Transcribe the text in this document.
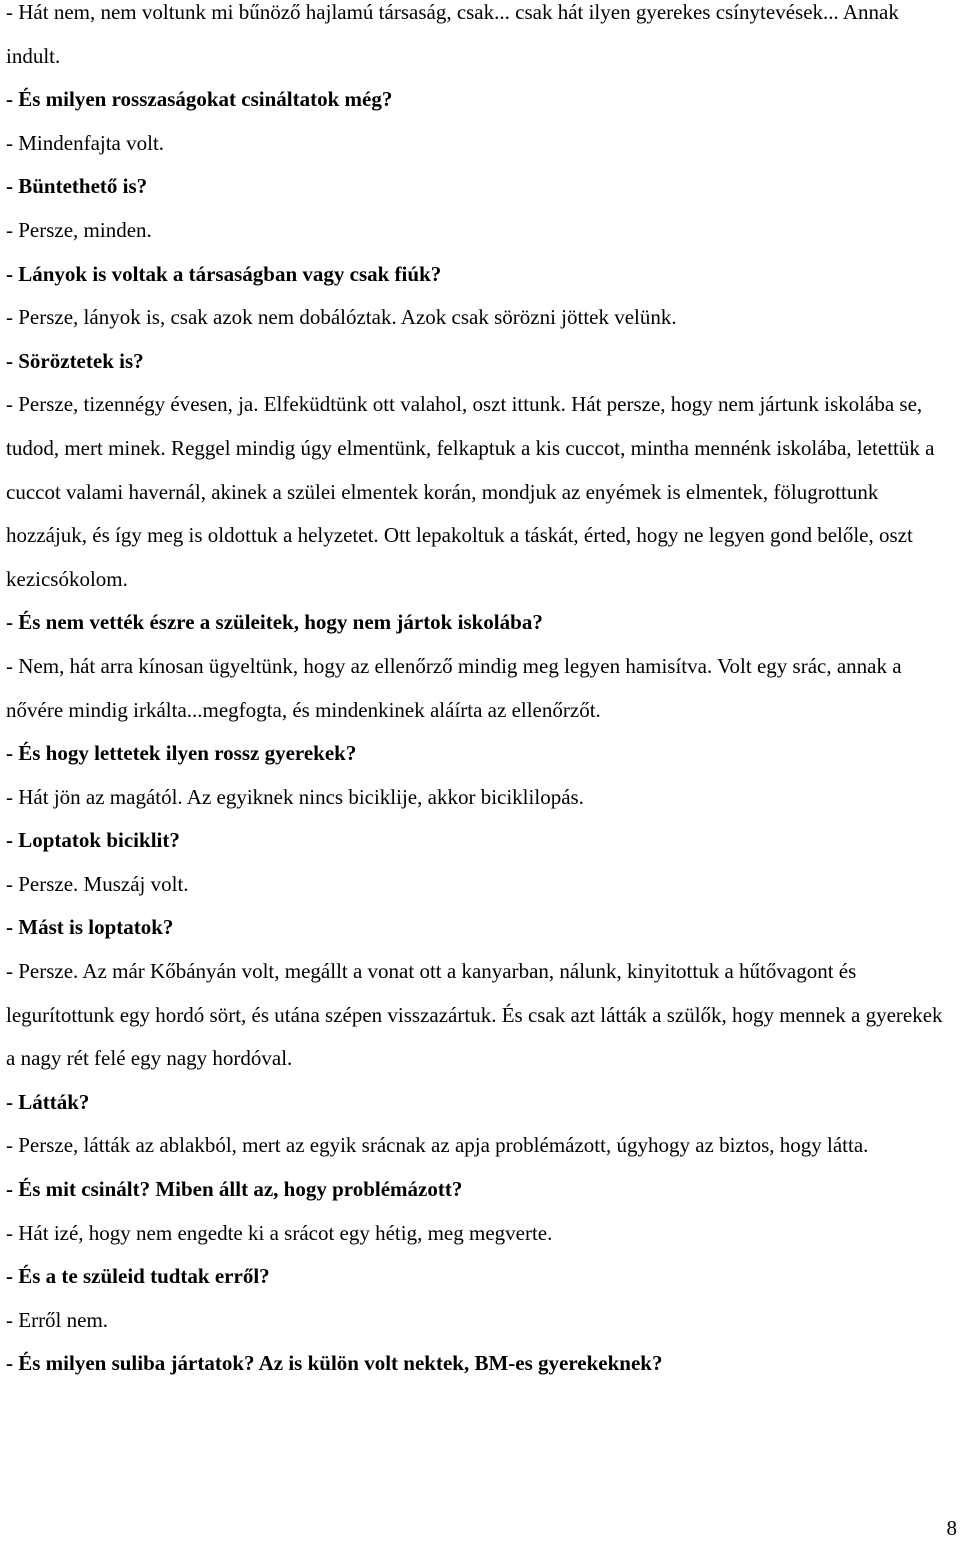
- Hát nem, nem voltunk mi bűnöző hajlamú társaság, csak... csak hát ilyen gyerekes csínytevések... Annak indult.

- És milyen rosszaságokat csináltatok még?

- Mindenfajta volt.

- Büntethető is?

- Persze, minden.

- Lányok is voltak a társaságban vagy csak fiúk?

- Persze, lányok is, csak azok nem dobálóztak. Azok csak sörözni jöttek velünk.

- Söröztetek is?

- Persze, tizennégy évesen, ja. Elfeküdtünk ott valahol, oszt ittunk. Hát persze, hogy nem jártunk iskolába se, tudod, mert minek. Reggel mindig úgy elmentünk, felkaptuk a kis cuccot, mintha mennénk iskolába, letettük a cuccot valami havernál, akinek a szülei elmentek korán, mondjuk az enyémek is elmentek, fölugrottunk hozzájuk, és így meg is oldottuk a helyzetet. Ott lepakoltuk a táskát, érted, hogy ne legyen gond belőle, oszt kezicsókolom.

- És nem vették észre a szüleitek, hogy nem jártok iskolába?

- Nem, hát arra kínosan ügyeltünk, hogy az ellenőrző mindig meg legyen hamisítva. Volt egy srác, annak a nővére mindig irkálta...megfogta, és mindenkinek aláírta az ellenőrzőt.

- És hogy lettetek ilyen rossz gyerekek?

- Hát jön az magától. Az egyiknek nincs biciklije, akkor biciklilopás.

- Loptatok biciklit?

- Persze. Muszáj volt.

- Mást is loptatok?

- Persze. Az már Kőbányán volt, megállt a vonat ott a kanyarban, nálunk, kinyitottuk a hűtővagont és legurítottunk egy hordó sört, és utána szépen visszazártuk. És csak azt látták a szülők, hogy mennek a gyerekek a nagy rét felé egy nagy hordóval.

- Látták?

- Persze, látták az ablakból, mert az egyik srácnak az apja problémázott, úgyhogy az biztos, hogy látta.

- És mit csinált? Miben állt az, hogy problémázott?

- Hát izé, hogy nem engedte ki a srácot egy hétig, meg megverte.

- És a te szüleid tudtak erről?

- Erről nem.

- És milyen suliba jártatok? Az is külön volt nektek, BM-es gyerekeknek?

8
